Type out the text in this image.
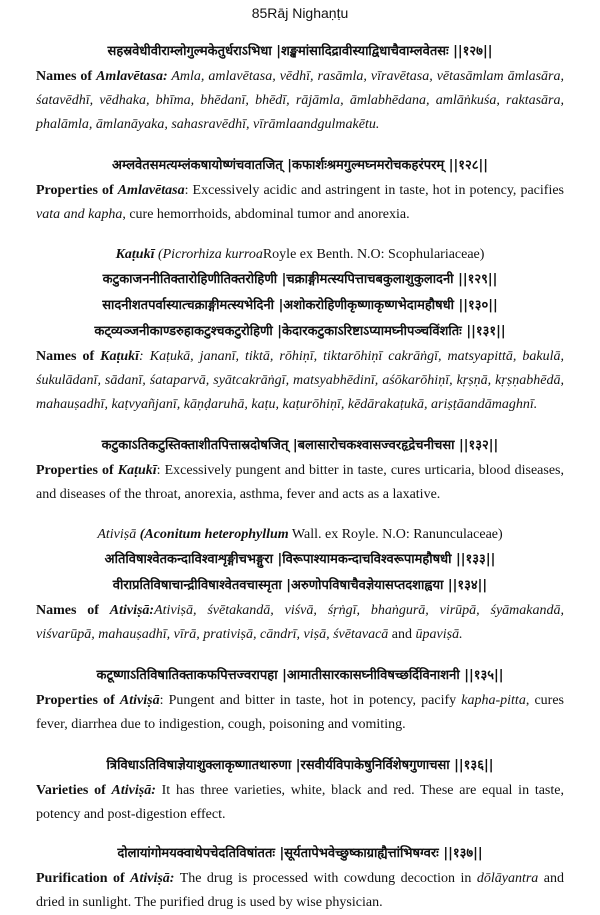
85Rāj Nighaṇṭu
सहस्रवेधीवीराम्लोगुल्मकेतुर्धराऽभिधा |शङ्खमांसादिद्रावीस्याद्विधाचैवाम्लवेतसः ||१२७||

Names of Amlavētasa: Amla, amlavētasa, vēdhī, rasāmla, vīravētasa, vētasāmlam āmlasāra, śatavēdhī, vēdhaka, bhīma, bhēdanī, bhēdī, rājāmla, āmlabhēdana, amlāṅkuśa, raktasāra, phalāmla, āmlanāyaka, sahasravēdhī, vīrāmlaandgulmakētu.

अम्लवेतसमत्यम्लंकषायोष्णंचवातजित् |कफार्शःश्रमगुल्मघ्नमरोचकहरंपरम् ||१२८||

Properties of Amlavētasa: Excessively acidic and astringent in taste, hot in potency, pacifies vata and kapha, cure hemorrhoids, abdominal tumor and anorexia.

Kaṭukī (Picrorhiza kurroaRoyle ex Benth. N.O: Scophulariaceae)
कटुकाजननीतिक्तारोहिणीतिक्तरोहिणी |चक्राङ्गीमत्स्यपित्ताचबकुलाशुकुलादनी ||१२९||
सादनीशतपर्वास्यात्चक्राङ्गीमत्स्यभेदिनी |अशोकरोहिणीकृष्णाकृष्णभेदामहौषधी ||१३०||
कट्व्यञ्जनीकाण्डरुहाकटुश्चकटुरोहिणी |केदारकटुकाऽरिष्टाऽप्यामघ्नीपञ्चविंशतिः ||१३१||

Names of Kaṭukī: Kaṭukā, jananī, tiktā, rōhiṇī, tiktarōhiṇī cakrāṅgī, matsyapittā, bakulā, śukulādanī, sādanī, śataparvā, syātcakrāṅgī, matsyabhēdinī, aśōkarōhiṇī, kṛṣṇā, kṛṣṇabhēdā, mahauṣadhī, kaṭvyañjanī, kāṇḍaruhā, kaṭu, kaṭurōhiṇī, kēdārakaṭukā, ariṣṭāandāmaghnī.

कटुकाऽतिकटुस्तिक्ताशीतपित्तास्रदोषजित् |बलासारोचकश्वासज्वरहृद्रेचनीचसा ||१३२||

Properties of Kaṭukī: Excessively pungent and bitter in taste, cures urticaria, blood diseases, and diseases of the throat, anorexia, asthma, fever and acts as a laxative.

Ativiṣā (Aconitum heterophyllum Wall. ex Royle. N.O: Ranunculaceae)
अतिविषाश्वेतकन्दाविश्वाशृङ्गीचभङ्गुरा |विरूपाश्यामकन्दाचविश्वरूपामहौषधी ||१३३||
वीराप्रतिविषाचान्द्रीविषाश्वेतवचास्मृता |अरुणोपविषाचैवज्ञेयासप्तदशाह्वया ||१३४||

Names of Ativiṣā:Ativiṣā, śvētakandā, viśvā, śṛṅgī, bhaṅgurā, virūpā, śyāmakandā, viśvarūpā, mahauṣadhī, vīrā, prativiṣā, cāndrī, viṣā, śvētavacā and ūpaviṣā.

कटूष्णाऽतिविषातिक्ताकफपित्तज्वरापहा |आमातीसारकासघ्नीविषच्छर्दिविनाशनी ||१३५||

Properties of Ativiṣā: Pungent and bitter in taste, hot in potency, pacify kapha-pitta, cures fever, diarrhea due to indigestion, cough, poisoning and vomiting.

त्रिविधाऽतिविषाज्ञेयाशुक्लाकृष्णातथारुणा |रसवीर्यविपाकेषुनिर्विशेषगुणाचसा ||१३६||

Varieties of Ativiṣā: It has three varieties, white, black and red. These are equal in taste, potency and post-digestion effect.

दोलायांगोमयक्वाथेपचेदतिविषांततः |सूर्यतापेभवेच्छुष्काग्राह्यैत्तांभिषग्वरः ||१३७||

Purification of Ativiṣā: The drug is processed with cowdung decoction in dōlāyantra and dried in sunlight. The purified drug is used by wise physician.
